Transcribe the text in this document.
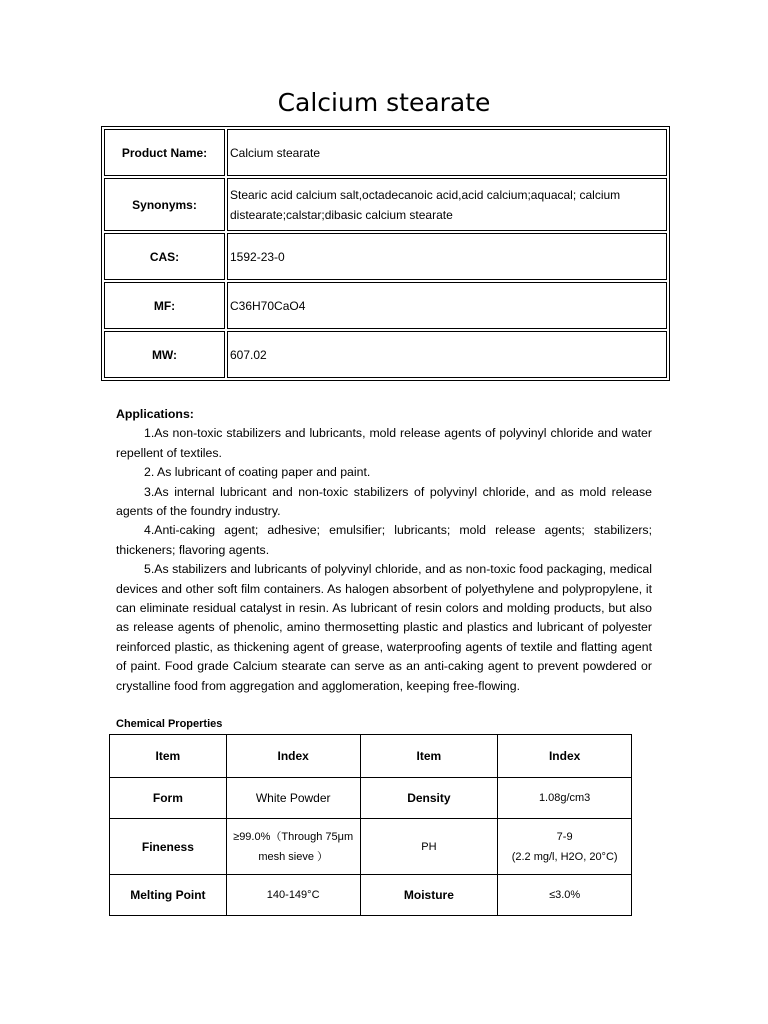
Calcium stearate
Product Name:	Calcium stearate
Synonyms:	Stearic acid calcium salt,octadecanoic acid,acid calcium;aquacal; calcium distearate;calstar;dibasic calcium stearate
CAS:	1592-23-0
MF:	C36H70CaO4
MW:	607.02
Applications:

1.As non-toxic stabilizers and lubricants, mold release agents of polyvinyl chloride and water repellent of textiles.

2. As lubricant of coating paper and paint.

3.As internal lubricant and non-toxic stabilizers of polyvinyl chloride, and as mold release agents of the foundry industry.

4.Anti-caking agent; adhesive; emulsifier; lubricants; mold release agents; stabilizers; thickeners; flavoring agents.

5.As stabilizers and lubricants of polyvinyl chloride, and as non-toxic food packaging, medical devices and other soft film containers. As halogen absorbent of polyethylene and polypropylene, it can eliminate residual catalyst in resin. As lubricant of resin colors and molding products, but also as release agents of phenolic, amino thermosetting plastic and plastics and lubricant of polyester reinforced plastic, as thickening agent of grease, waterproofing agents of textile and flatting agent of paint. Food grade Calcium stearate can serve as an anti-caking agent to prevent powdered or crystalline food from aggregation and agglomeration, keeping free-flowing.

Chemical Properties
Item	Index	Item	Index
Form	White Powder	Density	1.08g/cm3
Fineness	≥99.0%（Through 75μm mesh sieve ）	PH	7-9
(2.2 mg/l, H2O, 20°C)
Melting Point	140-149°C	Moisture	≤3.0%
